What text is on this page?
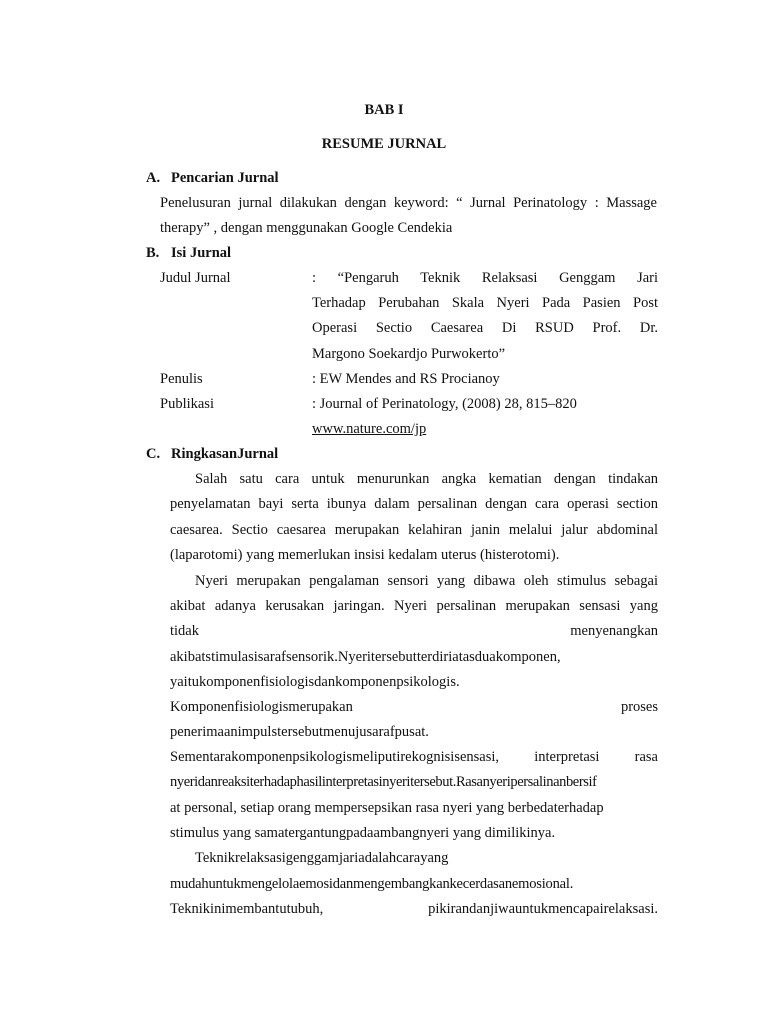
BAB I
RESUME JURNAL
A. Pencarian Jurnal
Penelusuran jurnal dilakukan dengan keyword: “ Jurnal Perinatology : Massage
therapy” , dengan menggunakan Google Cendekia
B. Isi Jurnal
Judul Jurnal	: “Pengaruh Teknik Relaksasi Genggam Jari
Terhadap Perubahan Skala Nyeri Pada Pasien Post
Operasi Sectio Caesarea Di RSUD Prof. Dr.
Margono Soekardjo Purwokerto”
Penulis	: EW Mendes and RS Procianoy
Publikasi	: Journal of Perinatology, (2008) 28, 815–820
www.nature.com/jp
C. RingkasanJurnal
Salah satu cara untuk menurunkan angka kematian dengan tindakan
penyelamatan bayi serta ibunya dalam persalinan dengan cara operasi section
caesarea. Sectio caesarea merupakan kelahiran janin melalui jalur abdominal
(laparotomi) yang memerlukan insisi kedalam uterus (histerotomi).
Nyeri merupakan pengalaman sensori yang dibawa oleh stimulus sebagai
akibat adanya kerusakan jaringan. Nyeri persalinan merupakan sensasi yang
tidak menyenangkan
akibatstimulasisarafsensorik.Nyeritersebutterdiriatasduakomponen,
yaitukomponenfisiologisdankomponenpsikologis.
Komponenfisiologismerupakan proses
penerimaanimpulstersebutmenujusarafpusat.
Sementarakomponenpsikologismeliputirekognisisensasi, interpretasi rasa
nyeridanreaksiterhadaphasilinterpretasinyeritersebut.Rasanyeripersalinanbersif
at personal, setiap orang mempersepsikan rasa nyeri yang berbedaterhadap
stimulus yang samatergantungpadaambangnyeri yang dimilikinya.
Teknikrelaksasigenggamjariadalahcarayang
mudahuntukmengelolaemosidanmengembangkankecerdasanemosional.
Teknikinimembantutubuh, pikirandanjiwauntukmencapairelaksasi.
